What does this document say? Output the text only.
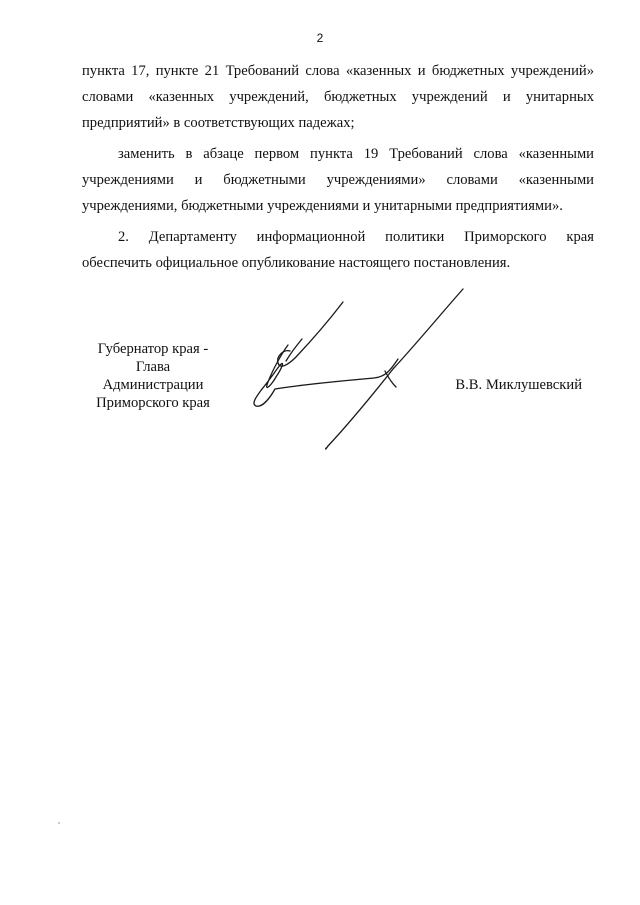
2

пункта 17, пункте 21 Требований слова «казенных и бюджетных учреждений» словами «казенных учреждений, бюджетных учреждений и унитарных

предприятий» в соответствующих падежах;

заменить в абзаце первом пункта 19 Требований слова «казенными учреждениями и бюджетными учреждениями» словами «казенными

учреждениями, бюджетными учреждениями и унитарными предприятиями».

2. Департаменту информационной политики Приморского края

обеспечить официальное опубликование настоящего постановления.

Губернатор края -
Глава Администрации
Приморского края
В.В. Миклушевский
